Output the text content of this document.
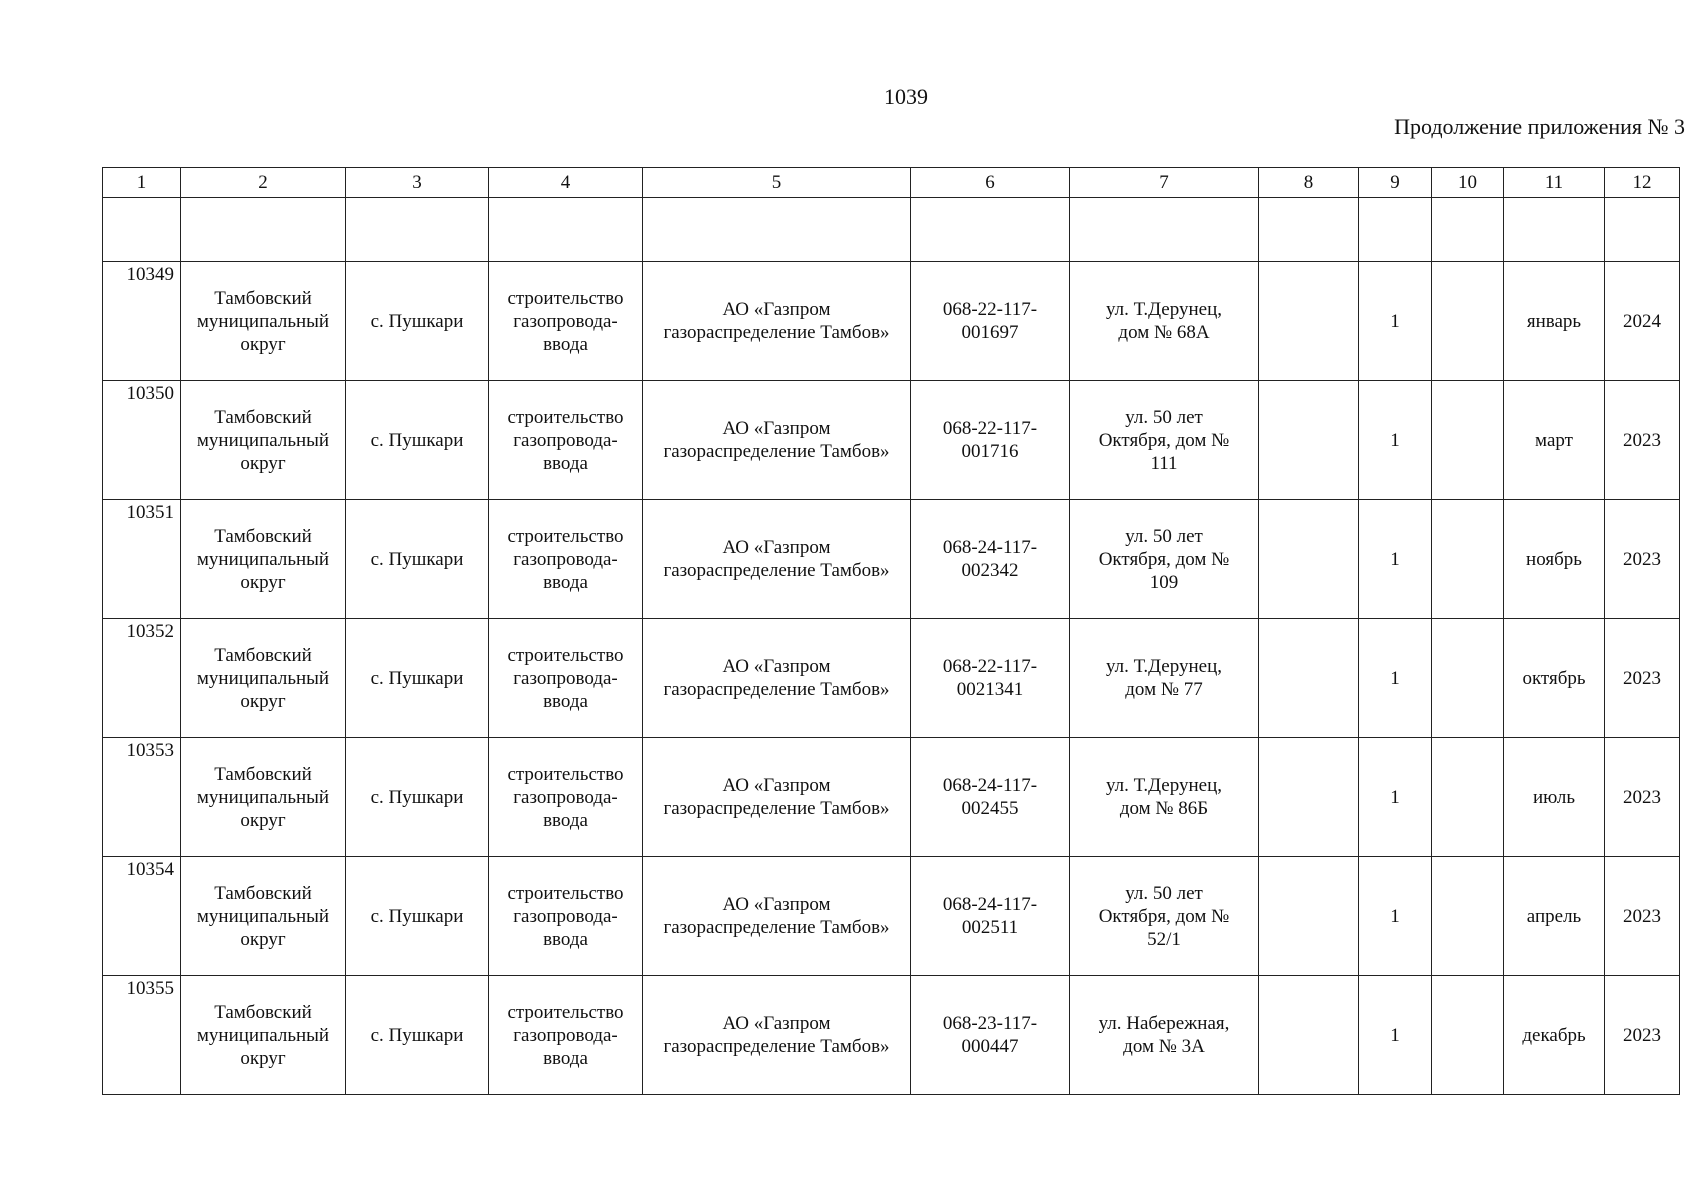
1039
Продолжение приложения № 3
1	2	3	4	5	6	7	8	9	10	11	12

10349	Тамбовский
муниципальный
округ	с. Пушкари	строительство
газопровода-
ввода	АО «Газпром
газораспределение Тамбов»	068-22-117-
001697	ул. Т.Дерунец,
дом № 68А		1		январь	2024
10350	Тамбовский
муниципальный
округ	с. Пушкари	строительство
газопровода-
ввода	АО «Газпром
газораспределение Тамбов»	068-22-117-
001716	ул. 50 лет
Октября, дом №
111		1		март	2023
10351	Тамбовский
муниципальный
округ	с. Пушкари	строительство
газопровода-
ввода	АО «Газпром
газораспределение Тамбов»	068-24-117-
002342	ул. 50 лет
Октября, дом №
109		1		ноябрь	2023
10352	Тамбовский
муниципальный
округ	с. Пушкари	строительство
газопровода-
ввода	АО «Газпром
газораспределение Тамбов»	068-22-117-
0021341	ул. Т.Дерунец,
дом № 77		1		октябрь	2023
10353	Тамбовский
муниципальный
округ	с. Пушкари	строительство
газопровода-
ввода	АО «Газпром
газораспределение Тамбов»	068-24-117-
002455	ул. Т.Дерунец,
дом № 86Б		1		июль	2023
10354	Тамбовский
муниципальный
округ	с. Пушкари	строительство
газопровода-
ввода	АО «Газпром
газораспределение Тамбов»	068-24-117-
002511	ул. 50 лет
Октября, дом №
52/1		1		апрель	2023
10355	Тамбовский
муниципальный
округ	с. Пушкари	строительство
газопровода-
ввода	АО «Газпром
газораспределение Тамбов»	068-23-117-
000447	ул. Набережная,
дом № 3А		1		декабрь	2023
